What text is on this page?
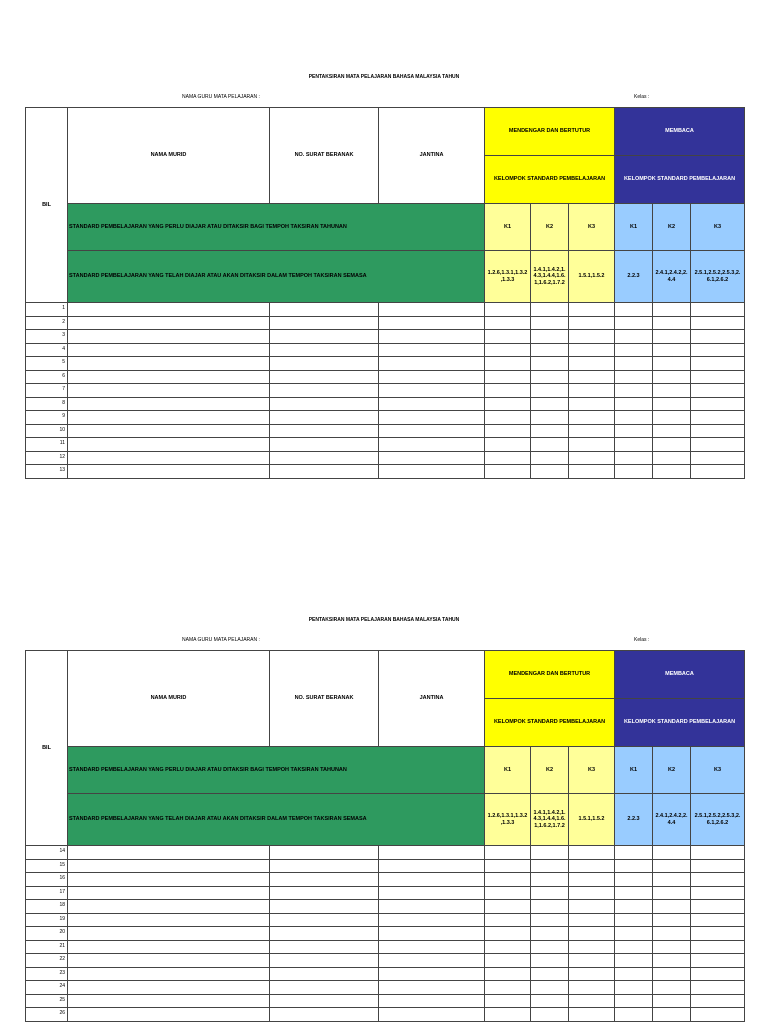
PENTAKSIRAN MATA PELAJARAN BAHASA MALAYSIA TAHUN
NAMA GURU MATA PELAJARAN :	Kelas :
BIL	NAMA MURID	NO. SURAT BERANAK	JANTINA	MENDENGAR DAN BERTUTUR			MEMBACA		
				KELOMPOK STANDARD PEMBELAJARAN			KELOMPOK STANDARD PEMBELAJARAN		
	STANDARD PEMBELAJARAN YANG PERLU DIAJAR ATAU DITAKSIR BAGI TEMPOH TAKSIRAN TAHUNAN			K1	K2	K3	K1	K2	K3
	STANDARD PEMBELAJARAN YANG TELAH DIAJAR ATAU AKAN DITAKSIR DALAM TEMPOH TAKSIRAN SEMASA			1.2.6,1.3.1,1.3.2 ,1.3.3	1.4.1,1.4.2,1. 4.3,1.4.4,1.6. 1,1.6.2,1.7.2	1.5.1,1.5.2	2.2.3	2.4.1,2.4.2,2. 4.4	2.5.1,2.5.2,2.5.3,2. 6.1,2.6.2
1									
2									
3									
4									
5									
6									
7									
8									
9									
10									
11									
12									
13									
PENTAKSIRAN MATA PELAJARAN BAHASA MALAYSIA TAHUN
NAMA GURU MATA PELAJARAN :	Kelas :
BIL	NAMA MURID	NO. SURAT BERANAK	JANTINA	MENDENGAR DAN BERTUTUR			MEMBACA		
				KELOMPOK STANDARD PEMBELAJARAN			KELOMPOK STANDARD PEMBELAJARAN		
	STANDARD PEMBELAJARAN YANG PERLU DIAJAR ATAU DITAKSIR BAGI TEMPOH TAKSIRAN TAHUNAN			K1	K2	K3	K1	K2	K3
	STANDARD PEMBELAJARAN YANG TELAH DIAJAR ATAU AKAN DITAKSIR DALAM TEMPOH TAKSIRAN SEMASA			1.2.6,1.3.1,1.3.2 ,1.3.3	1.4.1,1.4.2,1. 4.3,1.4.4,1.6. 1,1.6.2,1.7.2	1.5.1,1.5.2	2.2.3	2.4.1,2.4.2,2. 4.4	2.5.1,2.5.2,2.5.3,2. 6.1,2.6.2
14									
15									
16									
17									
18									
19									
20									
21									
22									
23									
24									
25									
26									
